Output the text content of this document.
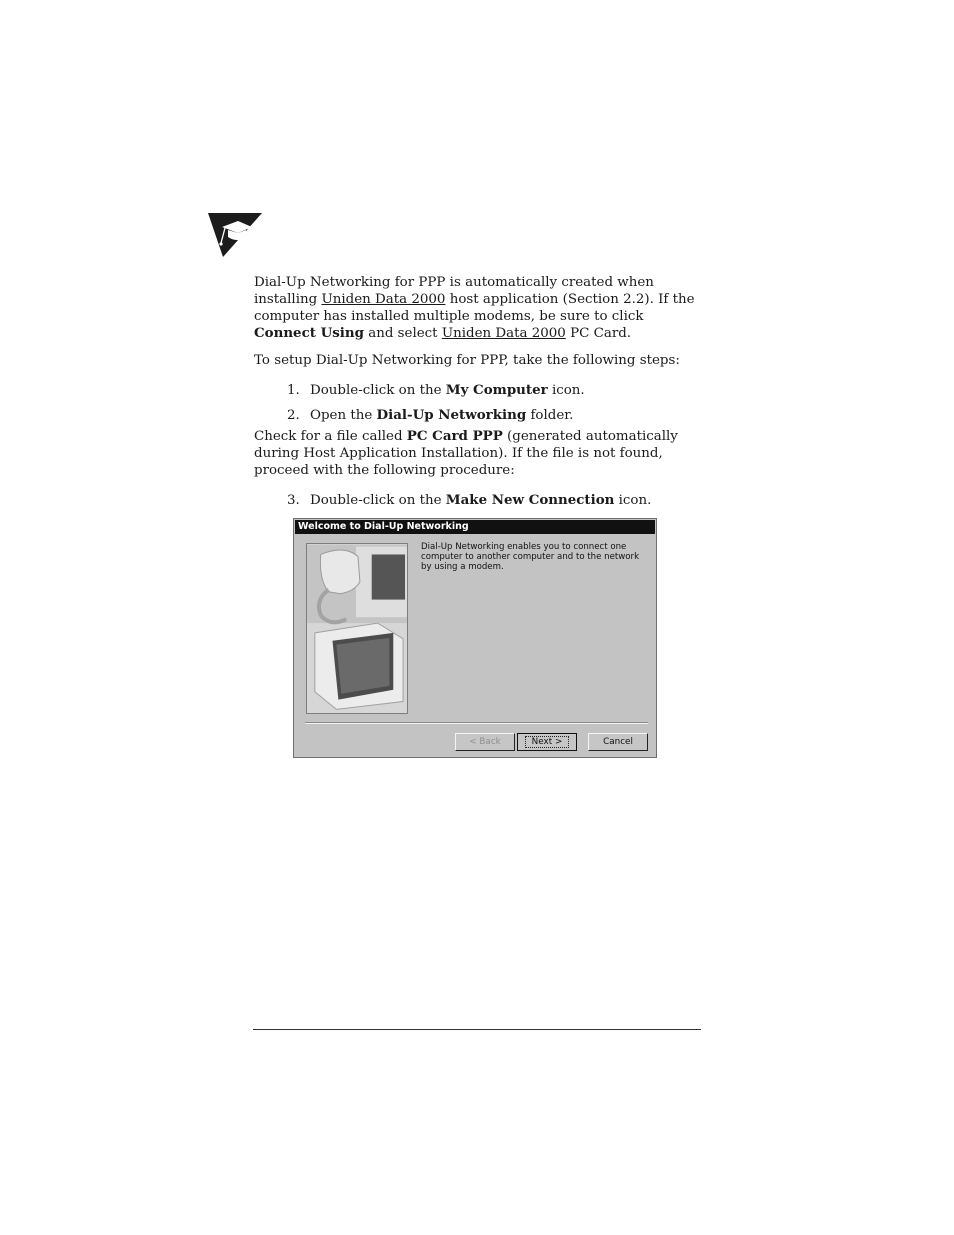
Dial-Up Networking for PPP is automatically created when installing Uniden Data 2000 host application (Section 2.2). If the computer has installed multiple modems, be sure to click Connect Using and select Uniden Data 2000 PC Card.
To setup Dial-Up Networking for PPP, take the following steps:
1. Double-click on the My Computer icon.
2. Open the Dial-Up Networking folder.
Check for a file called PC Card PPP (generated automatically during Host Application Installation). If the file is not found, proceed with the following procedure:
3. Double-click on the Make New Connection icon.
Welcome to Dial-Up Networking
Dial-Up Networking enables you to connect one computer to another computer and to the network by using a modem.
< Back	Next >	Cancel
